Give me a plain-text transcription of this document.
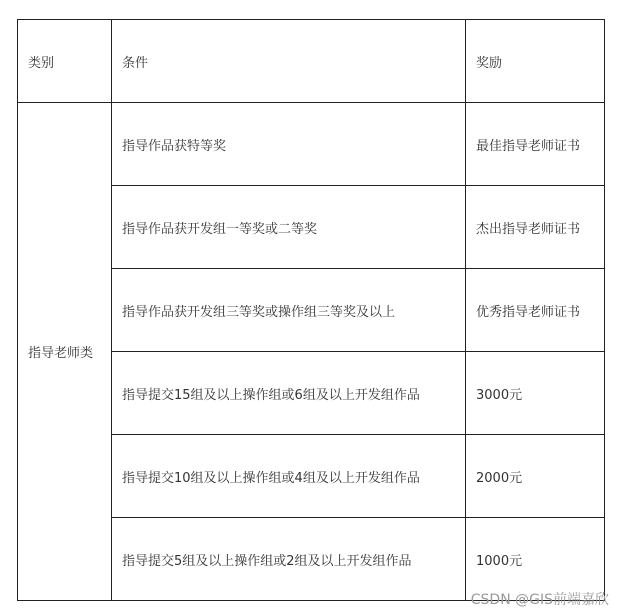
类别	条件	奖励
指导老师类	指导作品获特等奖	最佳指导老师证书
	指导作品获开发组一等奖或二等奖	杰出指导老师证书
	指导作品获开发组三等奖或操作组三等奖及以上	优秀指导老师证书
	指导提交15组及以上操作组或6组及以上开发组作品	3000元
	指导提交10组及以上操作组或4组及以上开发组作品	2000元
	指导提交5组及以上操作组或2组及以上开发组作品	1000元
CSDN @GIS前端嘉欣
